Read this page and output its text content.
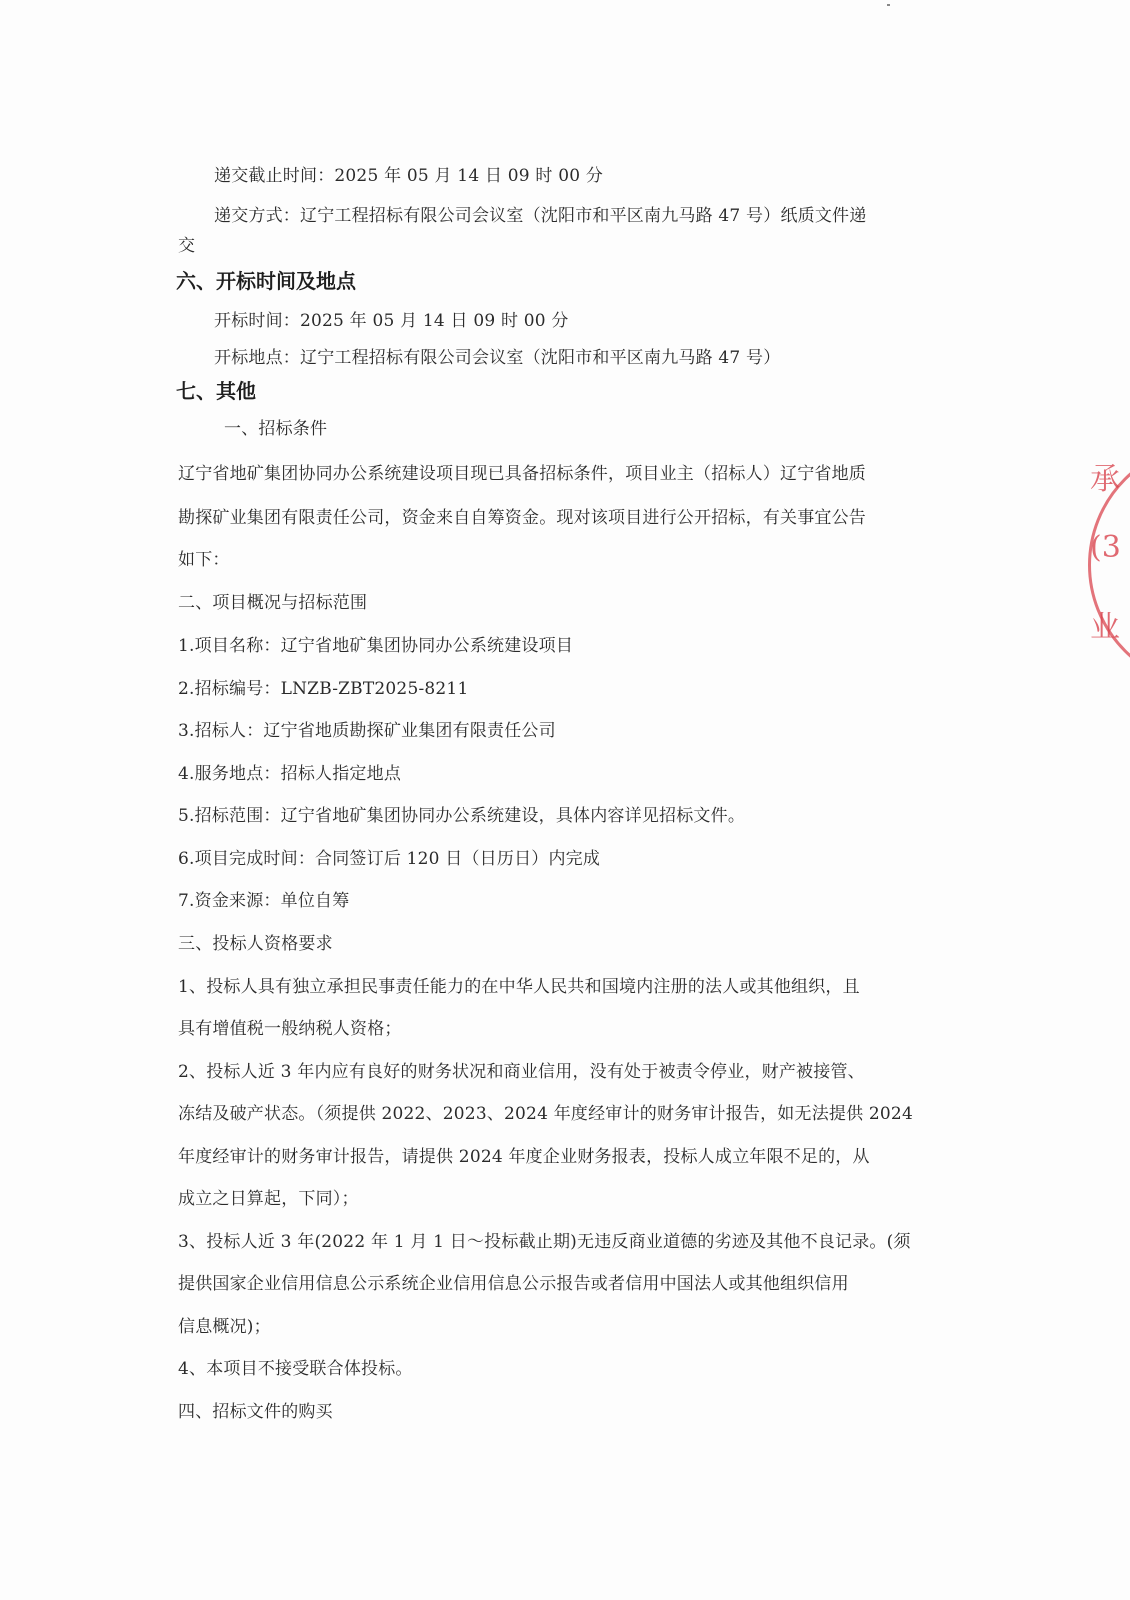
递交截止时间：2025 年 05 月 14 日 09 时 00 分
递交方式：辽宁工程招标有限公司会议室（沈阳市和平区南九马路 47 号）纸质文件递
交
六、开标时间及地点
开标时间：2025 年 05 月 14 日 09 时 00 分
开标地点：辽宁工程招标有限公司会议室（沈阳市和平区南九马路 47 号）
七、其他
一、招标条件
辽宁省地矿集团协同办公系统建设项目现已具备招标条件，项目业主（招标人）辽宁省地质
勘探矿业集团有限责任公司，资金来自自筹资金。现对该项目进行公开招标，有关事宜公告
如下：
二、项目概况与招标范围
1.项目名称：辽宁省地矿集团协同办公系统建设项目
2.招标编号：LNZB-ZBT2025-8211
3.招标人：辽宁省地质勘探矿业集团有限责任公司
4.服务地点：招标人指定地点
5.招标范围：辽宁省地矿集团协同办公系统建设，具体内容详见招标文件。
6.项目完成时间：合同签订后 120 日（日历日）内完成
7.资金来源：单位自筹
三、投标人资格要求
1、投标人具有独立承担民事责任能力的在中华人民共和国境内注册的法人或其他组织，且
具有增值税一般纳税人资格；
2、投标人近 3 年内应有良好的财务状况和商业信用，没有处于被责令停业，财产被接管、
冻结及破产状态。（须提供 2022、2023、2024 年度经审计的财务审计报告，如无法提供 2024
年度经审计的财务审计报告，请提供 2024 年度企业财务报表，投标人成立年限不足的，从
成立之日算起，下同）；
3、投标人近 3 年(2022 年 1 月 1 日～投标截止期)无违反商业道德的劣迹及其他不良记录。(须
提供国家企业信用信息公示系统企业信用信息公示报告或者信用中国法人或其他组织信用
信息概况)；
4、本项目不接受联合体投标。
四、招标文件的购买
承
(3
业
